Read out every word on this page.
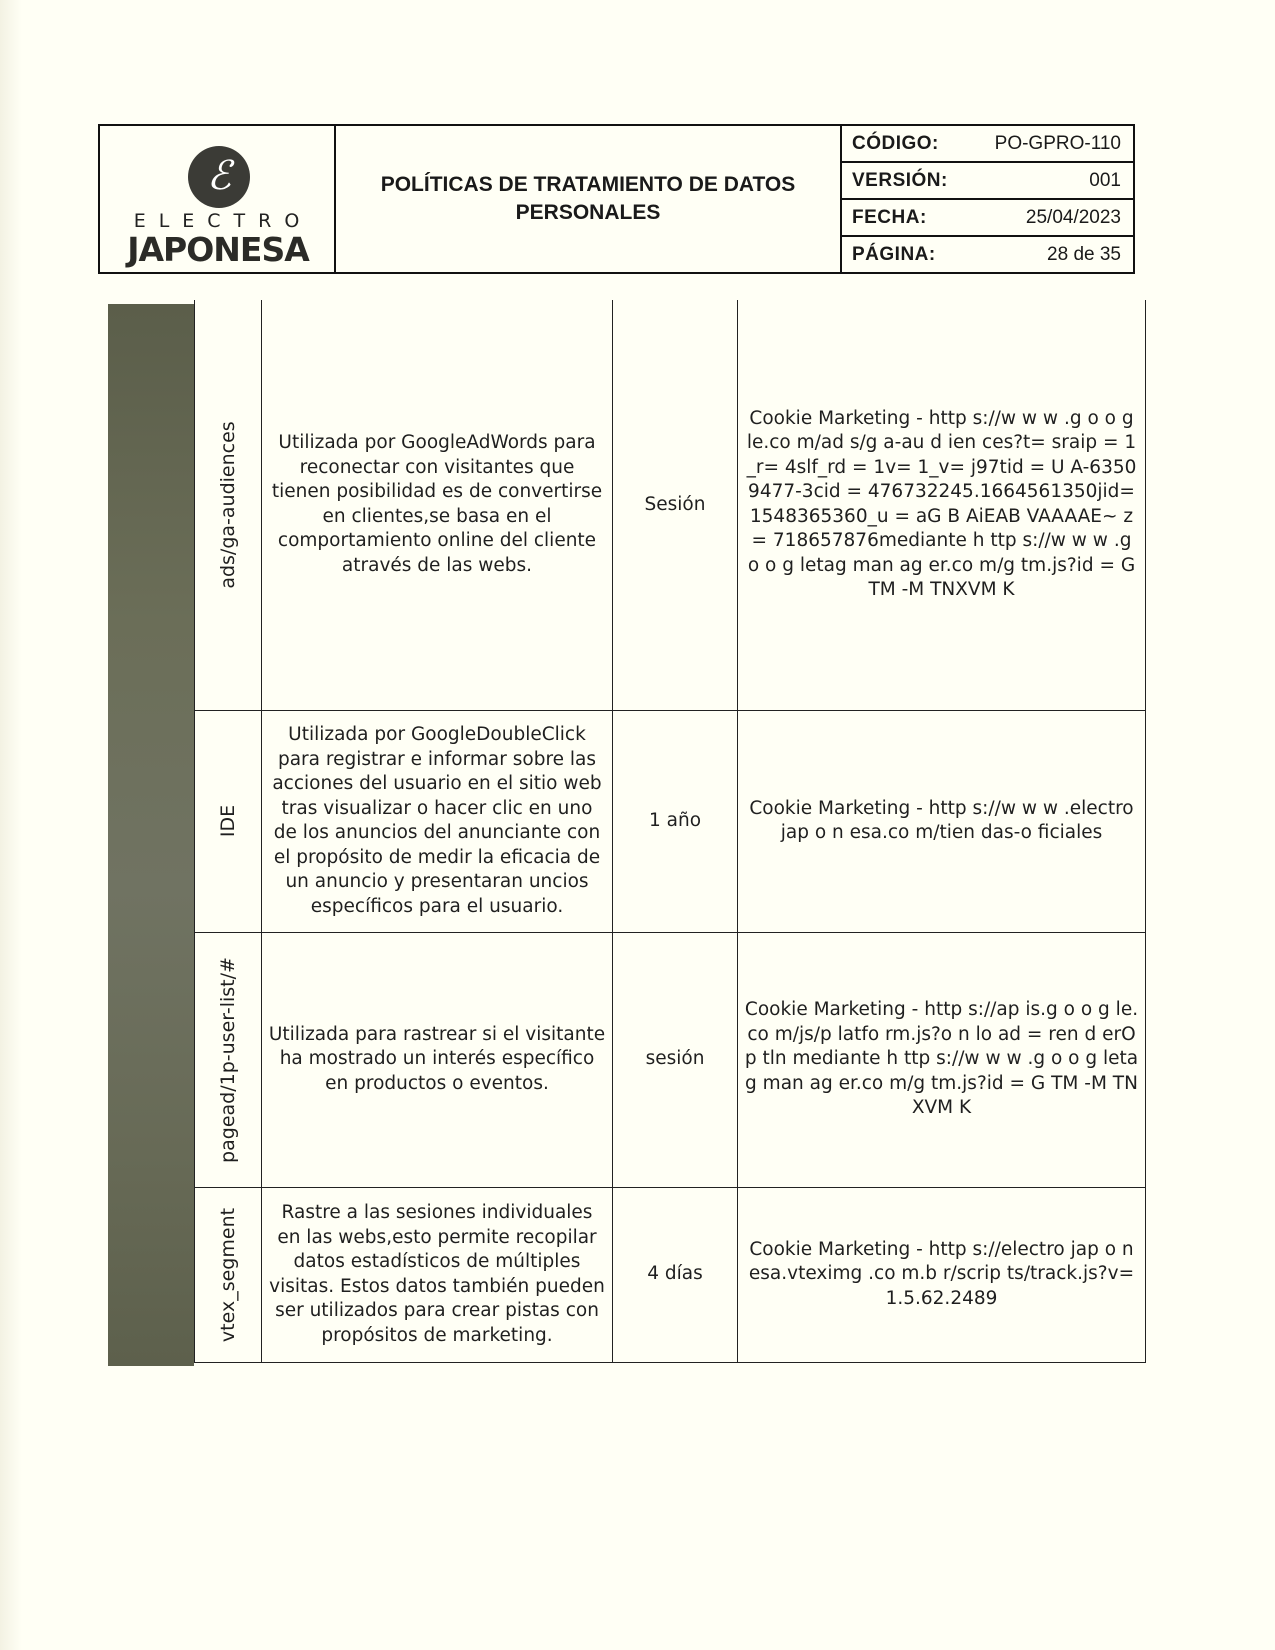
ℰ
ELECTRO
JAPONESA
POLÍTICAS DE TRATAMIENTO DE DATOS
PERSONALES
CÓDIGO:	PO-GPRO-110
VERSIÓN:	001
FECHA:	25/04/2023
PÁGINA:	28 de 35
ads/ga-audiences	Utilizada por GoogleAdWords para reconectar con visitantes que tienen posibilidad es de convertirse en clientes,se basa en el comportamiento online del cliente através de las webs.	Sesión	Cookie Marketing - http s://w w w .g o o g le.co m/ad s/g a-au d ien ces?t= sraip = 1_r= 4slf_rd = 1v= 1_v= j97tid = U A-63509477-3cid = 476732245.1664561350jid=1548365360_u = aG B AiEAB VAAAAE~ z= 718657876mediante h ttp s://w w w .g o o g letag man ag er.co m/g tm.js?id = G TM -M TNXVM K

IDE	Utilizada por GoogleDoubleClick para registrar e informar sobre las acciones del usuario en el sitio web tras visualizar o hacer clic en uno de los anuncios del anunciante con el propósito de medir la eficacia de un anuncio y presentaran uncios específicos para el usuario.	1 año	Cookie Marketing - http s://w w w .electro jap o n esa.co m/tien das-o ficiales

pagead/1p-user-list/#	Utilizada para rastrear si el visitante ha mostrado un interés específico en productos o eventos.	sesión	Cookie Marketing - http s://ap is.g o o g le.co m/js/p latfo rm.js?o n lo ad = ren d erO p tln mediante h ttp s://w w w .g o o g letag man ag er.co m/g tm.js?id = G TM -M TNXVM K

vtex_segment	Rastre a las sesiones individuales en las webs,esto permite recopilar datos estadísticos de múltiples visitas. Estos datos también pueden ser utilizados para crear pistas con propósitos de marketing.	4 días	Cookie Marketing - http s://electro jap o n esa.vteximg .co m.b r/scrip ts/track.js?v= 1.5.62.2489
